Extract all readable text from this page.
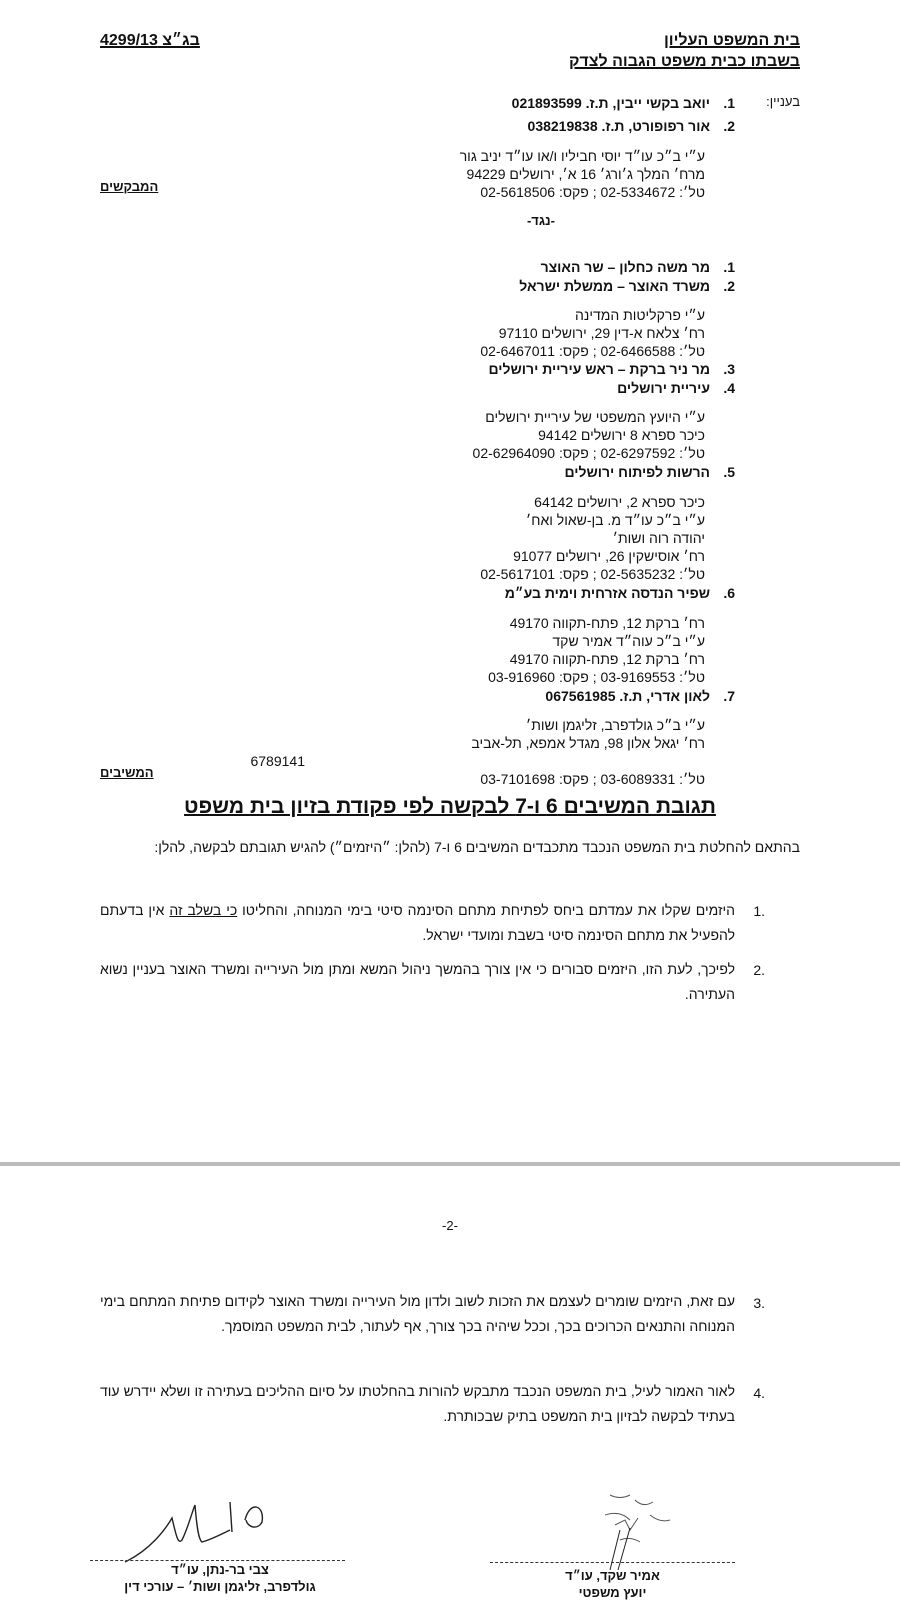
בית המשפט העליון
בשבתו כבית משפט הגבוה לצדק
בג״צ 4299/13
בעניין:
1.יואב בקשי ייבין, ת.ז. 021893599
2.אור רפופורט, ת.ז. 038219838
ע״י ב״כ עו״ד יוסי חביליו ו/או עו״ד יניב גור
מרח׳ המלך ג׳ורג׳ 16 א׳, ירושלים 94229
טל׳: 02-5334672 ; פקס: 02-5618506
-נגד-
1.מר משה כחלון – שר האוצר
2.משרד האוצר – ממשלת ישראל
ע״י פרקליטות המדינה
רח׳ צלאח א-דין 29, ירושלים 97110
טל׳: 02-6466588 ; פקס: 02-6467011
3.מר ניר ברקת – ראש עיריית ירושלים
4.עיריית ירושלים
ע״י היועץ המשפטי של עיריית ירושלים
כיכר ספרא 8 ירושלים 94142
טל׳: 02-6297592 ; פקס: 02-62964090
5.הרשות לפיתוח ירושלים
כיכר ספרא 2, ירושלים 64142
ע״י ב״כ עו״ד מ. בן-שאול ואח׳
יהודה רוה ושות׳
רח׳ אוסישקין 26, ירושלים 91077
טל׳: 02-5635232 ; פקס: 02-5617101
6.שפיר הנדסה אזרחית וימית בע״מ
רח׳ ברקת 12, פתח-תקווה 49170
ע״י ב״כ עוה״ד אמיר שקד
רח׳ ברקת 12, פתח-תקווה 49170
טל׳: 03-9169553 ; פקס: 03-916960
7.לאון אדרי, ת.ז. 067561985
ע״י ב״כ גולדפרב, זליגמן ושות׳
רח׳ יגאל אלון 98, מגדל אמפא, תל-אביב
6789141
טל׳: 03-6089331 ; פקס: 03-7101698
המבקשים
המשיבים
תגובת המשיבים 6 ו-7 לבקשה לפי פקודת בזיון בית משפט
בהתאם להחלטת בית המשפט הנכבד מתכבדים המשיבים 6 ו-7 (להלן: ״היזמים״) להגיש תגובתם לבקשה, להלן:
.1
היזמים שקלו את עמדתם ביחס לפתיחת מתחם הסינמה סיטי בימי המנוחה, והחליטו כי בשלב זה אין בדעתם להפעיל את מתחם הסינמה סיטי בשבת ומועדי ישראל.
.2
לפיכך, לעת הזו, היזמים סבורים כי אין צורך בהמשך ניהול המשא ומתן מול העירייה ומשרד האוצר בעניין נשוא העתירה.
-2-
.3
עם זאת, היזמים שומרים לעצמם את הזכות לשוב ולדון מול העירייה ומשרד האוצר לקידום פתיחת המתחם בימי המנוחה והתנאים הכרוכים בכך, וככל שיהיה בכך צורך, אף לעתור, לבית המשפט המוסמך.
.4
לאור האמור לעיל, בית המשפט הנכבד מתבקש להורות בהחלטתו על סיום ההליכים בעתירה זו ושלא יידרש עוד בעתיד לבקשה לבזיון בית המשפט בתיק שבכותרת.
צבי בר-נתן, עו״ד
גולדפרב, זליגמן ושות׳ – עורכי דין
אמיר שקד, עו״ד
יועץ משפטי
